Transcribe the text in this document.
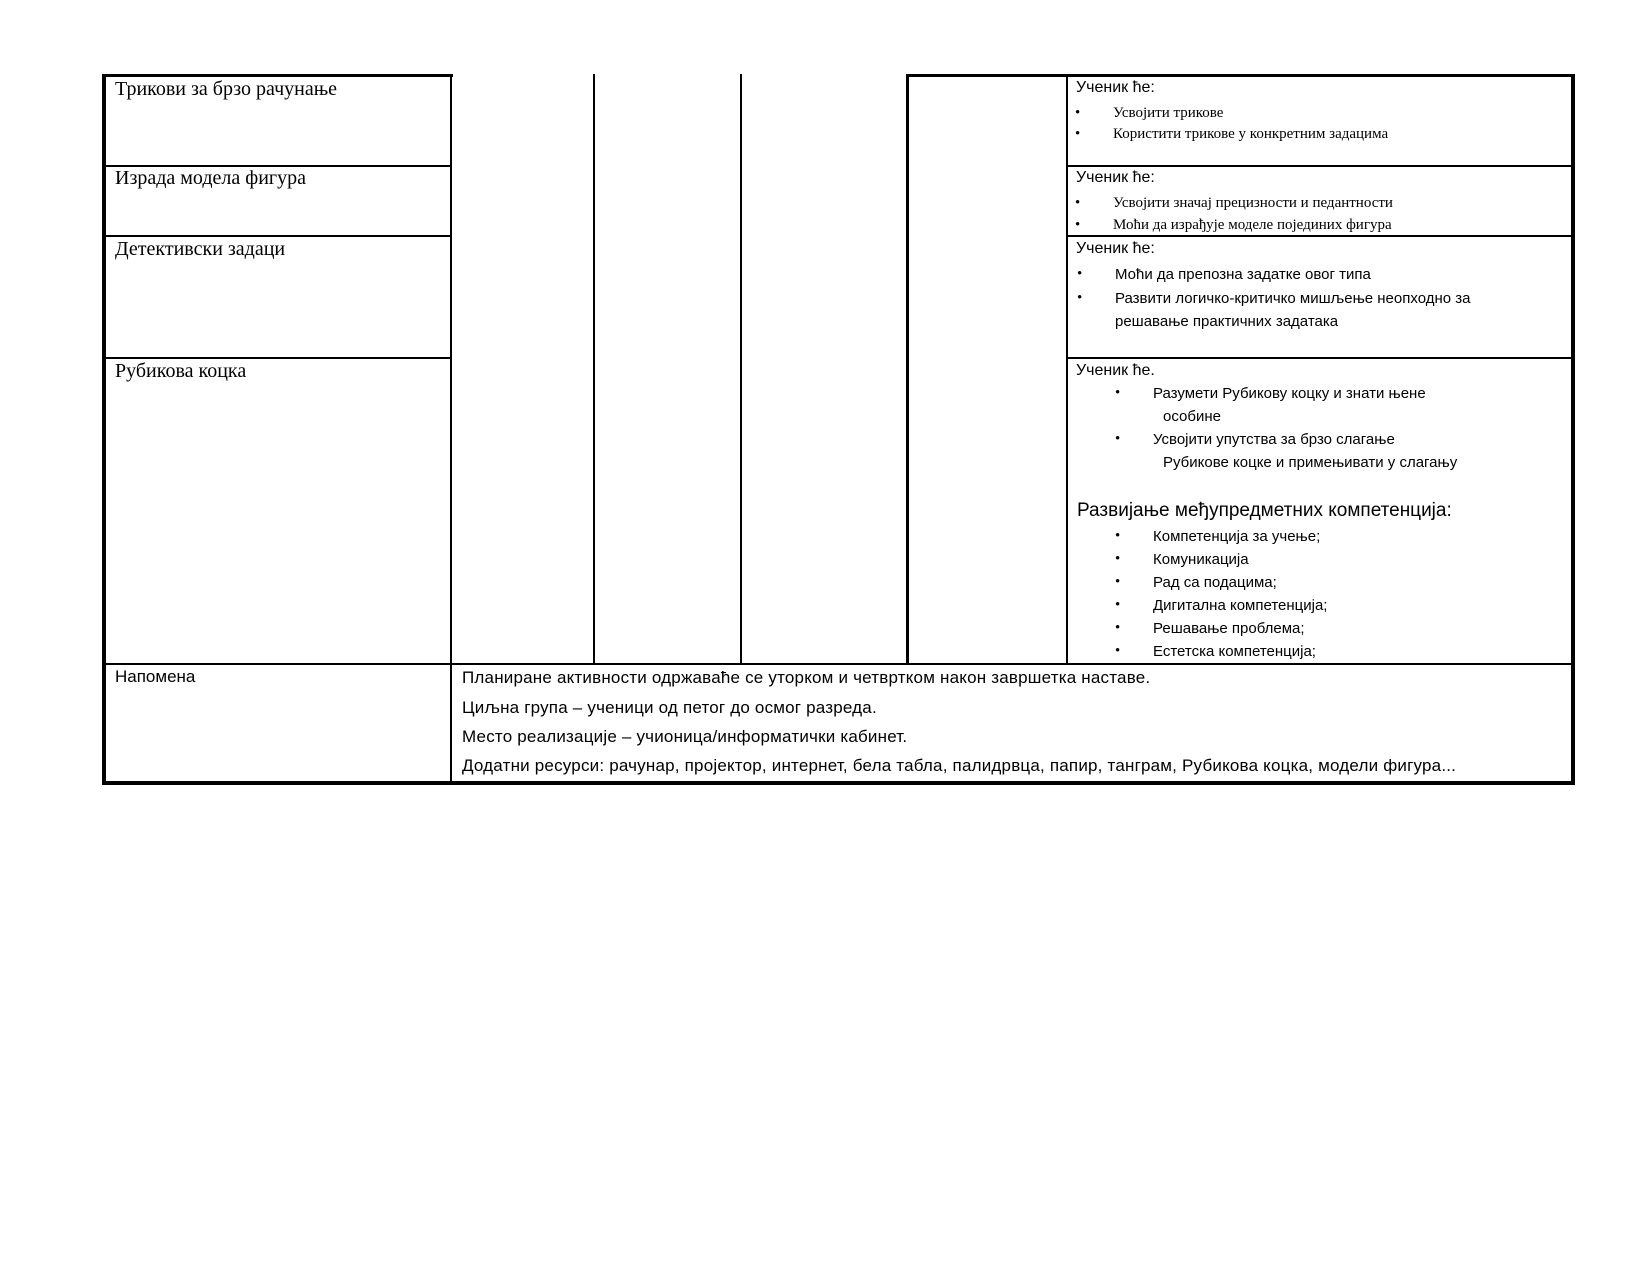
Трикови за брзо рачунање	Ученик ће:
• Усвојити трикове
• Користити трикове у конкретним задацима
Израда модела фигура	Ученик ће:
• Усвојити значај прецизности и педантности
• Моћи да израђује моделе појединих фигура
Детективски задаци	Ученик ће:
• Моћи да препозна задатке овог типа
• Развити логичко-критичко мишљење неопходно за
решавање практичних задатака
Рубикова коцка	Ученик ће.
• Разумети Рубикову коцку и знати њене
особине
• Усвојити упутства за брзо слагање
Рубикове коцке и примењивати у слагању
Развијање међупредметних компетенција:
• Компетенција за учење;
• Комуникација
• Рад са подацима;
• Дигитална компетенција;
• Решавање проблема;
• Естетска компетенција;
Напомена	Планиране активности одржаваће се уторком и четвртком након завршетка наставе.
Циљна група – ученици од петог до осмог разреда.
Место реализације – учионица/информатички кабинет.
Додатни ресурси: рачунар, пројектор, интернет, бела табла, палидрвца, папир, танграм, Рубикова коцка, модели фигура...
